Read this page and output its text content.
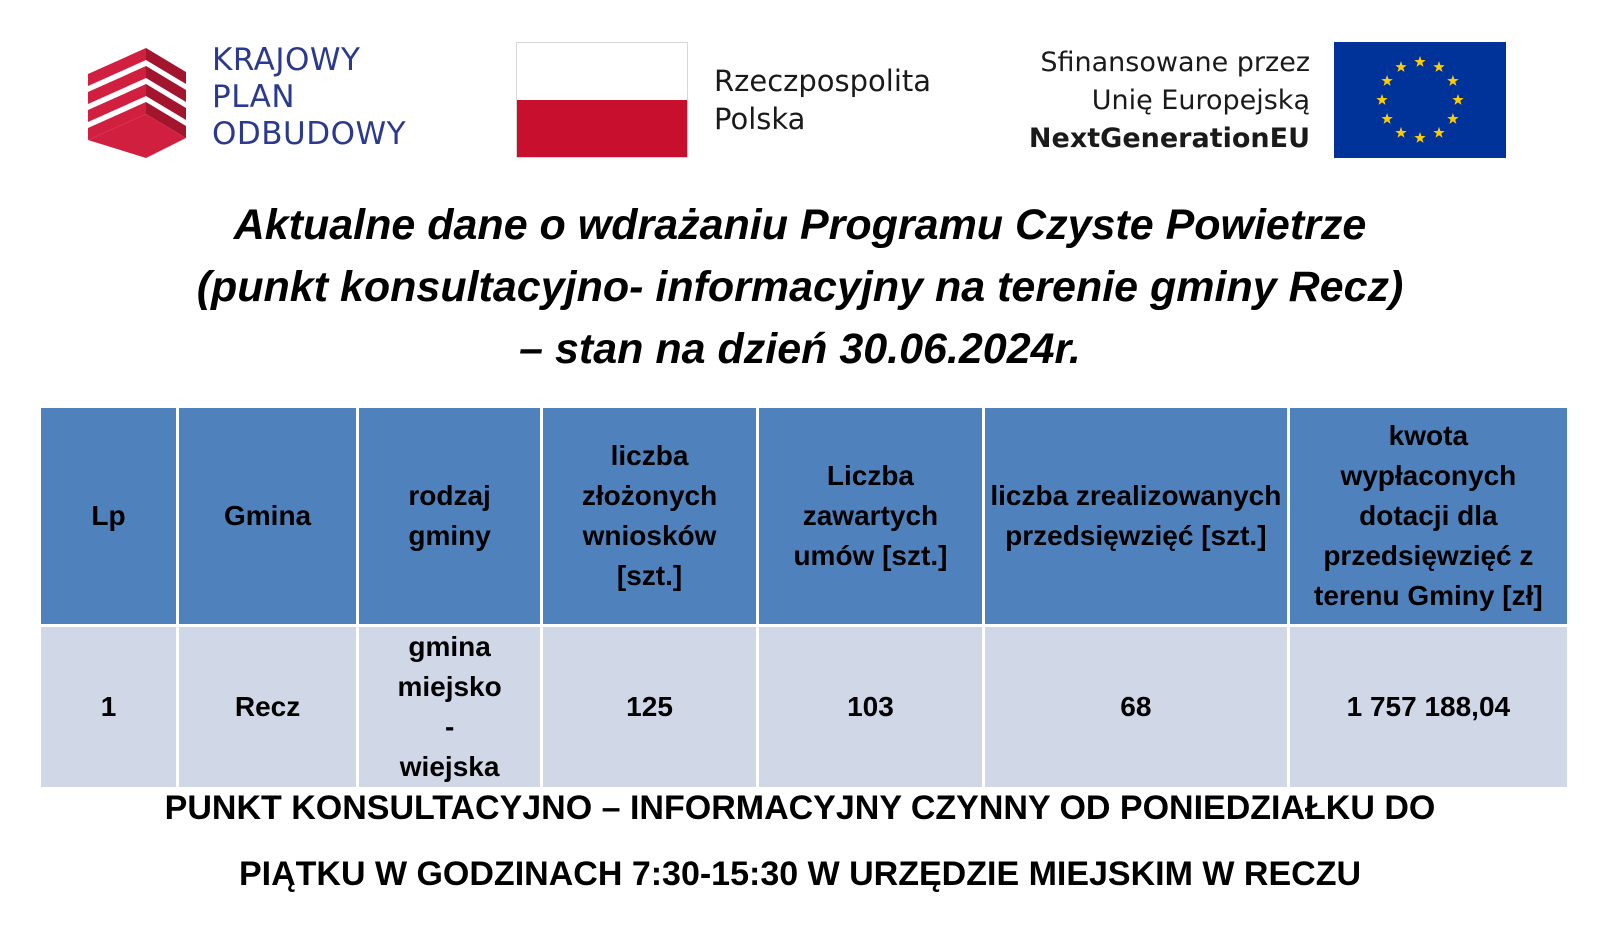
KRAJOWY
PLAN
ODBUDOWY
Rzeczpospolita
Polska
Sfinansowane przez
Unię Europejską
NextGenerationEU
Aktualne dane o wdrażaniu Programu Czyste Powietrze
(punkt konsultacyjno- informacyjny na terenie gminy Recz)
– stan na dzień 30.06.2024r.
Lp	Gmina	rodzaj gminy	liczba złożonych wniosków [szt.]	Liczba zawartych umów [szt.]	liczba zrealizowanych przedsięwzięć [szt.]	kwota wypłaconych dotacji dla przedsięwzięć z terenu Gminy [zł]
1	Recz	gmina miejsko - wiejska	125	103	68	1 757 188,04
PUNKT KONSULTACYJNO – INFORMACYJNY CZYNNY OD PONIEDZIAŁKU DO
PIĄTKU W GODZINACH 7:30-15:30 W URZĘDZIE MIEJSKIM W RECZU
